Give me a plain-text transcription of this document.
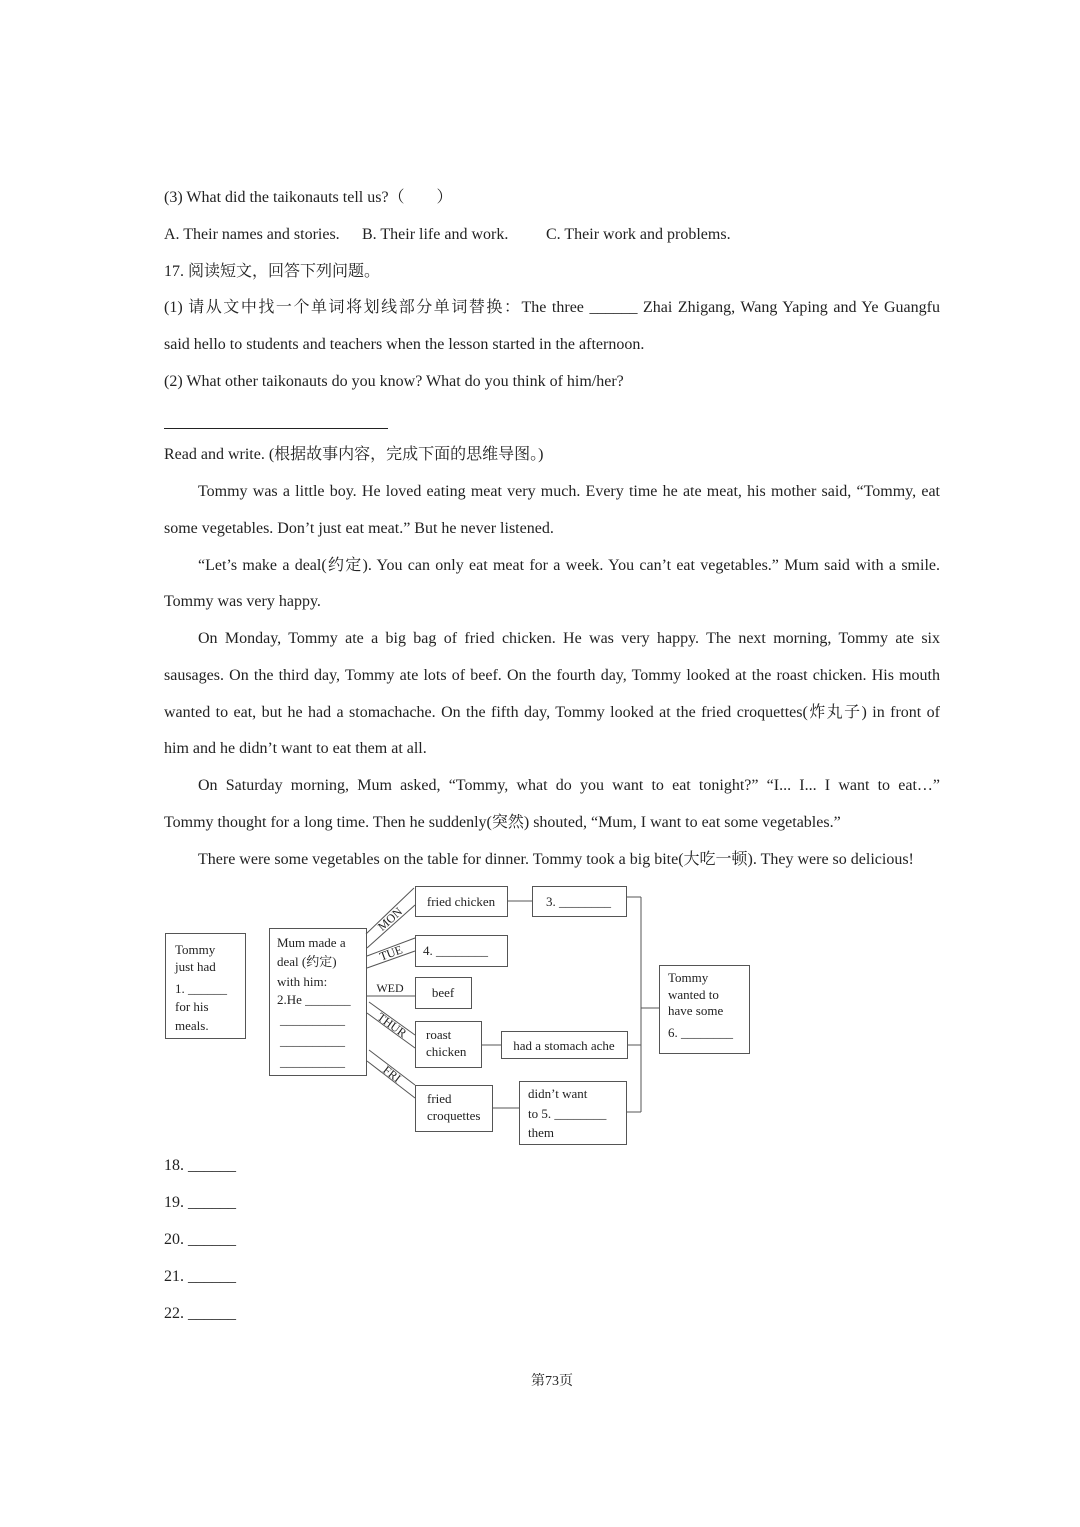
(3) What did the taikonauts tell us?（　　）
A. Their names and stories. B. Their life and work. C. Their work and problems.
17. 阅读短文，回答下列问题。
(1) 请从文中找一个单词将划线部分单词替换：The three ______ Zhai Zhigang, Wang Yaping and Ye Guangfu
said hello to students and teachers when the lesson started in the afternoon.
(2) What other taikonauts do you know? What do you think of him/her?
Read and write. (根据故事内容，完成下面的思维导图。)
Tommy was a little boy. He loved eating meat very much. Every time he ate meat, his mother said, “Tommy, eat
some vegetables. Don’t just eat meat.” But he never listened.
“Let’s make a deal(约定). You can only eat meat for a week. You can’t eat vegetables.” Mum said with a smile.
Tommy was very happy.
On Monday, Tommy ate a big bag of fried chicken. He was very happy. The next morning, Tommy ate six
sausages. On the third day, Tommy ate lots of beef. On the fourth day, Tommy looked at the roast chicken. His mouth
wanted to eat, but he had a stomachache. On the fifth day, Tommy looked at the fried croquettes(炸丸子) in front of
him and he didn’t want to eat them at all.
On Saturday morning, Mum asked, “Tommy, what do you want to eat tonight?” “I... I... I want to eat…”
Tommy thought for a long time. Then he suddenly(突然) shouted, “Mum, I want to eat some vegetables.”
There were some vegetables on the table for dinner. Tommy took a big bite(大吃一顿). They were so delicious!
Tommy
just had
1. ______
for his
meals.
Mum made a
deal (约定)
with him:
2.He _______
__________
__________
__________
MON
fried chicken	3. ________
TUE 4. ________
WED beef
THUR roast
chicken	had a stomach ache
FRI
fried
croquettes
didn’t want
to 5. ________
them
Tommy
wanted to
have some
6. ________
18. ______
19. ______
20. ______
21. ______
22. ______
第73页
